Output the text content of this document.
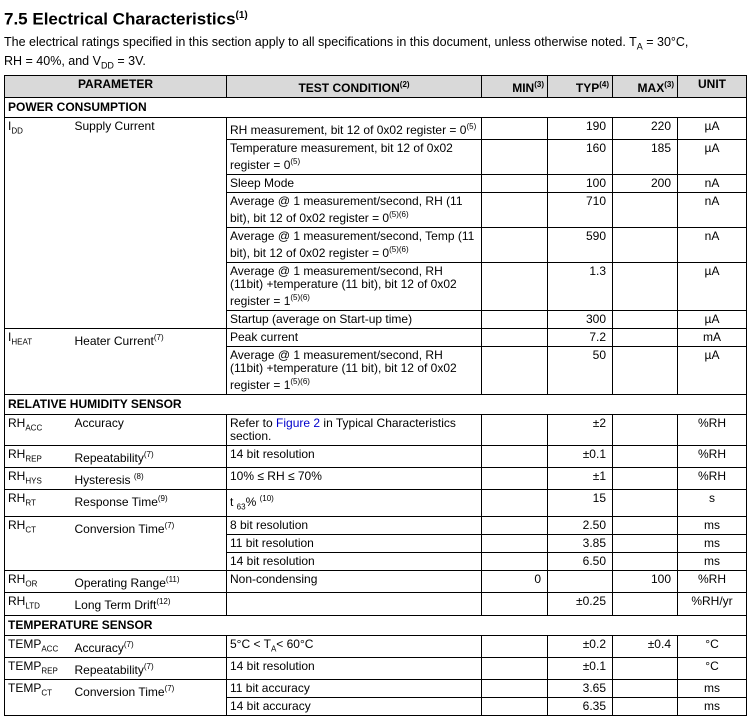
7.5 Electrical Characteristics$^{(1)}$

The electrical ratings specified in this section apply to all specifications in this document, unless otherwise noted. $T_A = 30^\circ C$,
RH = 40%, and $V_{DD} = 3V$.

PARAMETER		TEST CONDITION$^{(2)}$	MIN$^{(3)}$	TYP$^{(4)}$	MAX$^{(3)}$	UNIT
POWER CONSUMPTION						
$I_{DD}$	Supply Current	RH measurement, bit 12 of 0x02 register = $0^{(5)}$		190	220	µA
		Temperature measurement, bit 12 of 0x02 register = $0^{(5)}$		160	185	µA
		Sleep Mode		100	200	nA
		Average @ 1 measurement/second, RH (11 bit), bit 12 of 0x02 register = $0^{(5)(6)}$		710		nA
		Average @ 1 measurement/second, Temp (11 bit), bit 12 of 0x02 register = $0^{(5)(6)}$		590		nA
		Average @ 1 measurement/second, RH (11bit) +temperature (11 bit), bit 12 of 0x02 register = $1^{(5)(6)}$		1.3		µA
		Startup (average on Start-up time)		300		µA
$I_{HEAT}$	Heater Current$^{(7)}$	Peak current		7.2		mA
		Average @ 1 measurement/second, RH (11bit) +temperature (11 bit), bit 12 of 0x02 register = $1^{(5)(6)}$		50		µA
RELATIVE HUMIDITY SENSOR						
$RH_{ACC}$	Accuracy	Refer to Figure 2 in Typical Characteristics section.		±2		%RH
$RH_{REP}$	Repeatability$^{(7)}$	14 bit resolution		±0.1		%RH
$RH_{HYS}$	Hysteresis $^{(8)}$	10% ≤ RH ≤ 70%		±1		%RH
$RH_{RT}$	Response Time$^{(9)}$	t $_{63}$% $^{(10)}$		15		s
$RH_{CT}$	Conversion Time$^{(7)}$	8 bit resolution		2.50		ms
		11 bit resolution		3.85		ms
		14 bit resolution		6.50		ms
$RH_{OR}$	Operating Range$^{(11)}$	Non-condensing	0		100	%RH
$RH_{LTD}$	Long Term Drift$^{(12)}$			±0.25		%RH/yr
TEMPERATURE SENSOR						
$TEMP_{ACC}$	Accuracy$^{(7)}$	$5^\circ C < T_A< 60^\circ C$		±0.2	±0.4	°C
$TEMP_{REP}$	Repeatability$^{(7)}$	14 bit resolution		±0.1		°C
$TEMP_{CT}$	Conversion Time$^{(7)}$	11 bit accuracy		3.65		ms
		14 bit accuracy		6.35		ms
